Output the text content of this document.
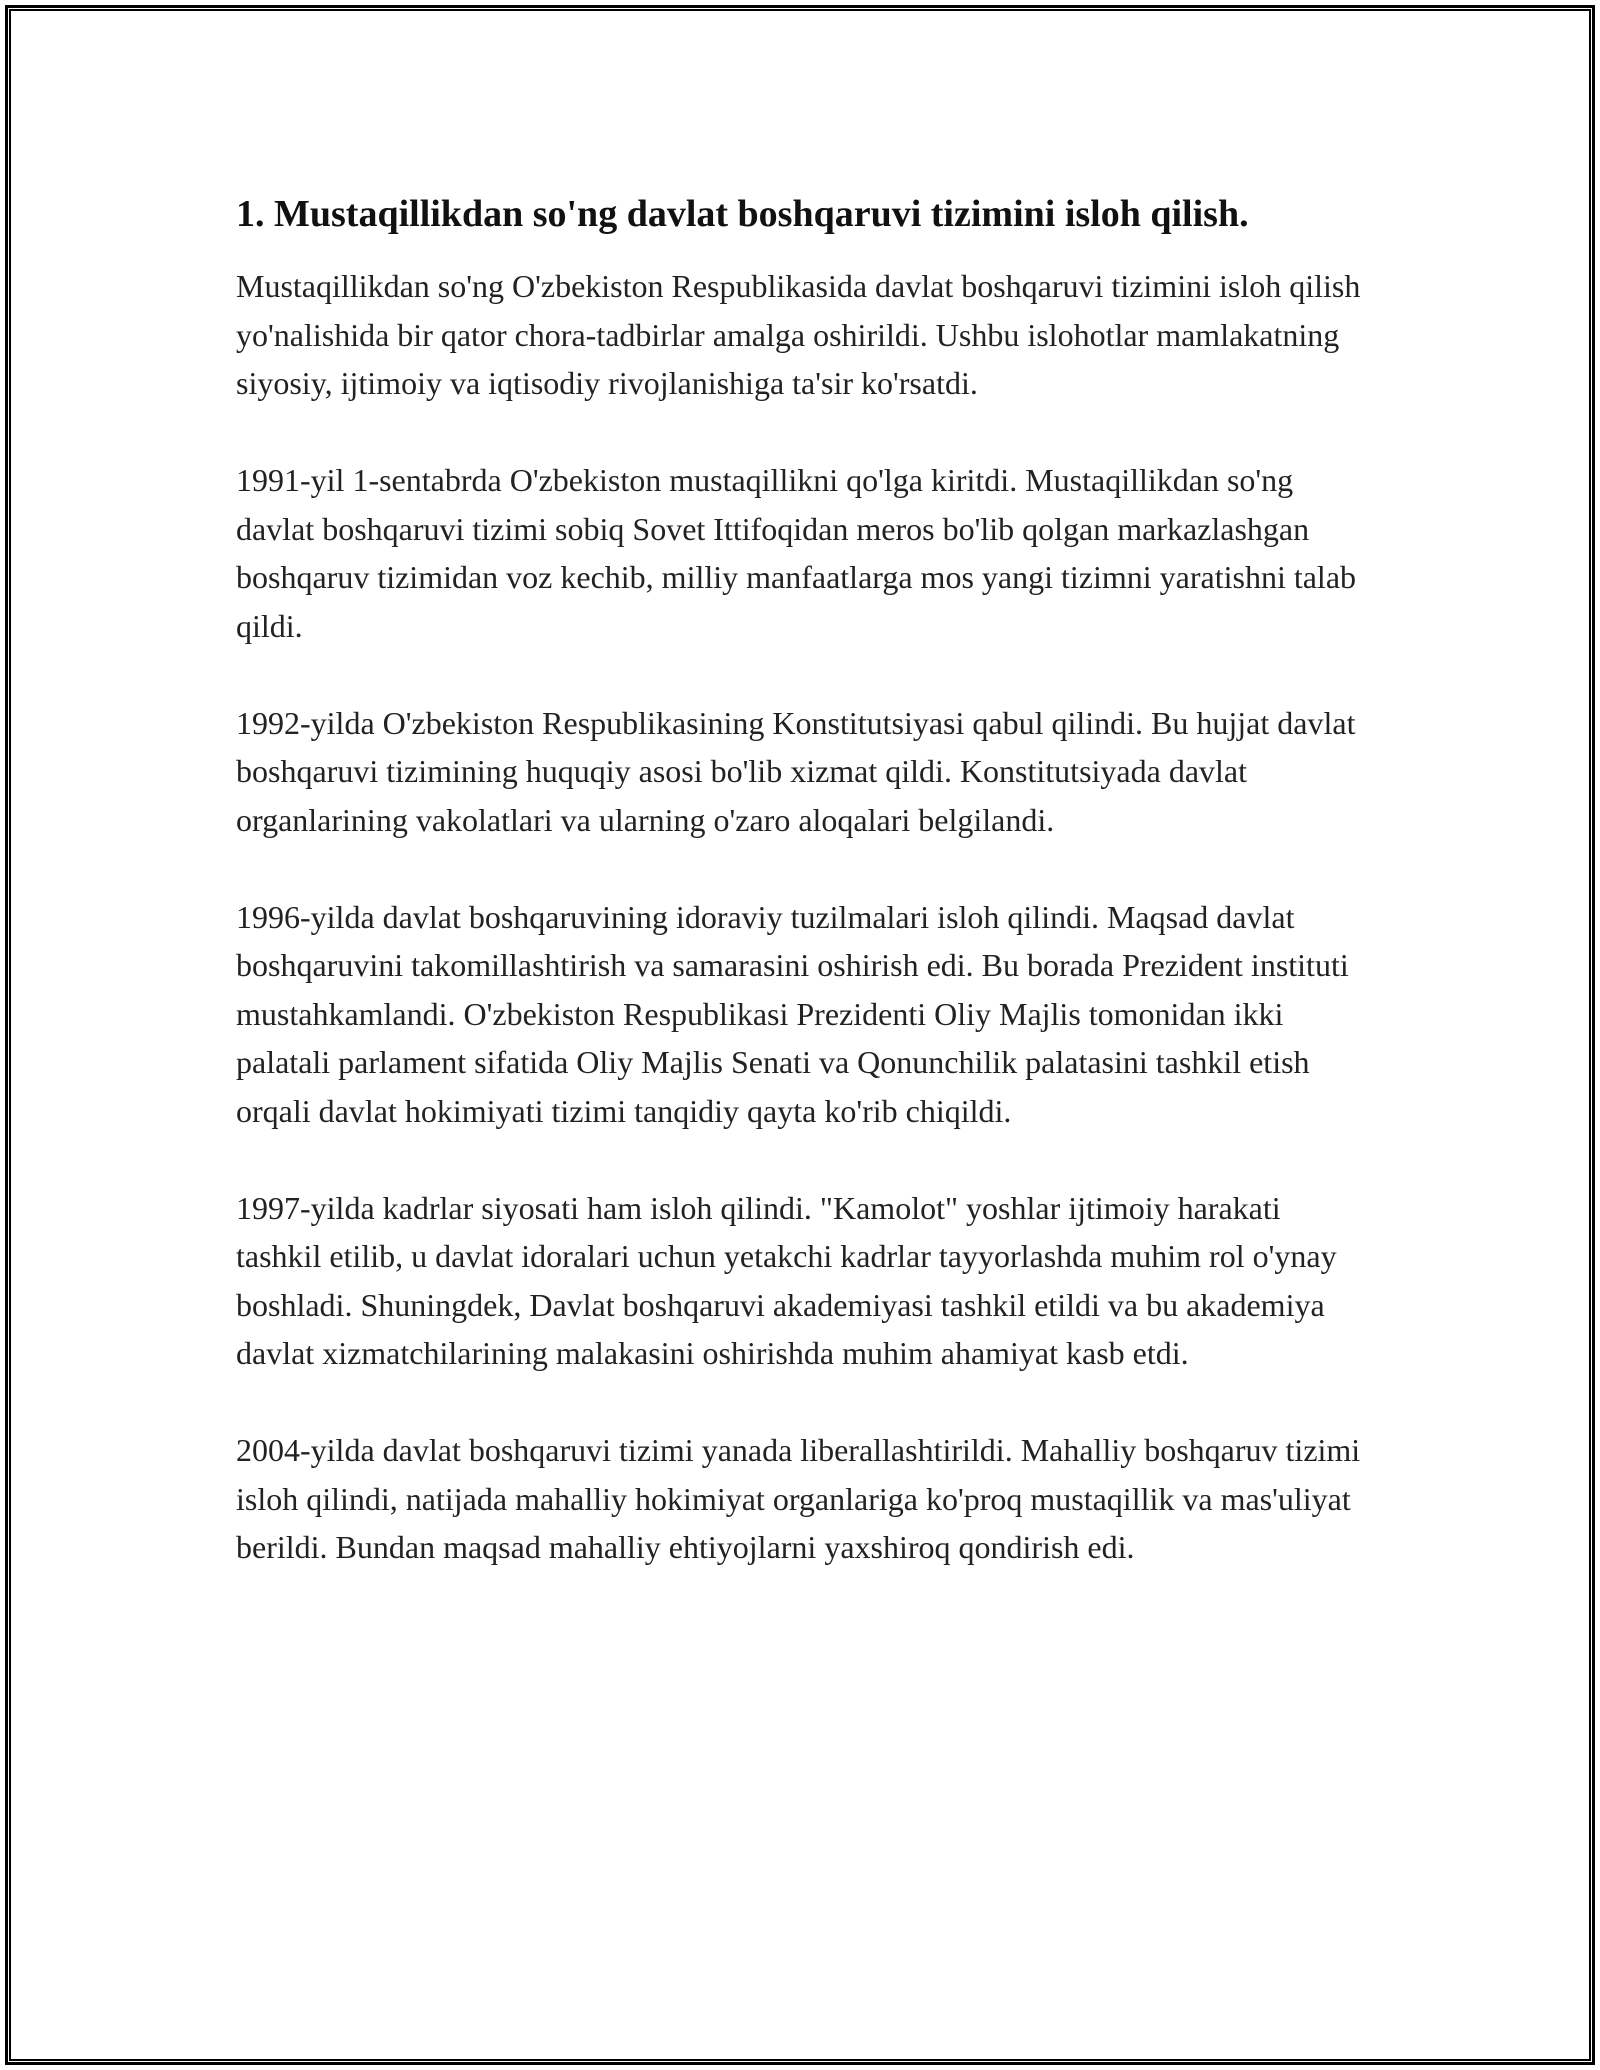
1. Mustaqillikdan so'ng davlat boshqaruvi tizimini isloh qilish.

Mustaqillikdan so'ng O'zbekiston Respublikasida davlat boshqaruvi tizimini isloh qilish yo'nalishida bir qator chora-tadbirlar amalga oshirildi. Ushbu islohotlar mamlakatning siyosiy, ijtimoiy va iqtisodiy rivojlanishiga ta'sir ko'rsatdi.

1991-yil 1-sentabrda O'zbekiston mustaqillikni qo'lga kiritdi. Mustaqillikdan so'ng davlat boshqaruvi tizimi sobiq Sovet Ittifoqidan meros bo'lib qolgan markazlashgan boshqaruv tizimidan voz kechib, milliy manfaatlarga mos yangi tizimni yaratishni talab qildi.

1992-yilda O'zbekiston Respublikasining Konstitutsiyasi qabul qilindi. Bu hujjat davlat boshqaruvi tizimining huquqiy asosi bo'lib xizmat qildi. Konstitutsiyada davlat organlarining vakolatlari va ularning o'zaro aloqalari belgilandi.

1996-yilda davlat boshqaruvining idoraviy tuzilmalari isloh qilindi. Maqsad davlat boshqaruvini takomillashtirish va samarasini oshirish edi. Bu borada Prezident instituti mustahkamlandi. O'zbekiston Respublikasi Prezidenti Oliy Majlis tomonidan ikki palatali parlament sifatida Oliy Majlis Senati va Qonunchilik palatasini tashkil etish orqali davlat hokimiyati tizimi tanqidiy qayta ko'rib chiqildi.

1997-yilda kadrlar siyosati ham isloh qilindi. "Kamolot" yoshlar ijtimoiy harakati tashkil etilib, u davlat idoralari uchun yetakchi kadrlar tayyorlashda muhim rol o'ynay boshladi. Shuningdek, Davlat boshqaruvi akademiyasi tashkil etildi va bu akademiya davlat xizmatchilarining malakasini oshirishda muhim ahamiyat kasb etdi.

2004-yilda davlat boshqaruvi tizimi yanada liberallashtirildi. Mahalliy boshqaruv tizimi isloh qilindi, natijada mahalliy hokimiyat organlariga ko'proq mustaqillik va mas'uliyat berildi. Bundan maqsad mahalliy ehtiyojlarni yaxshiroq qondirish edi.
